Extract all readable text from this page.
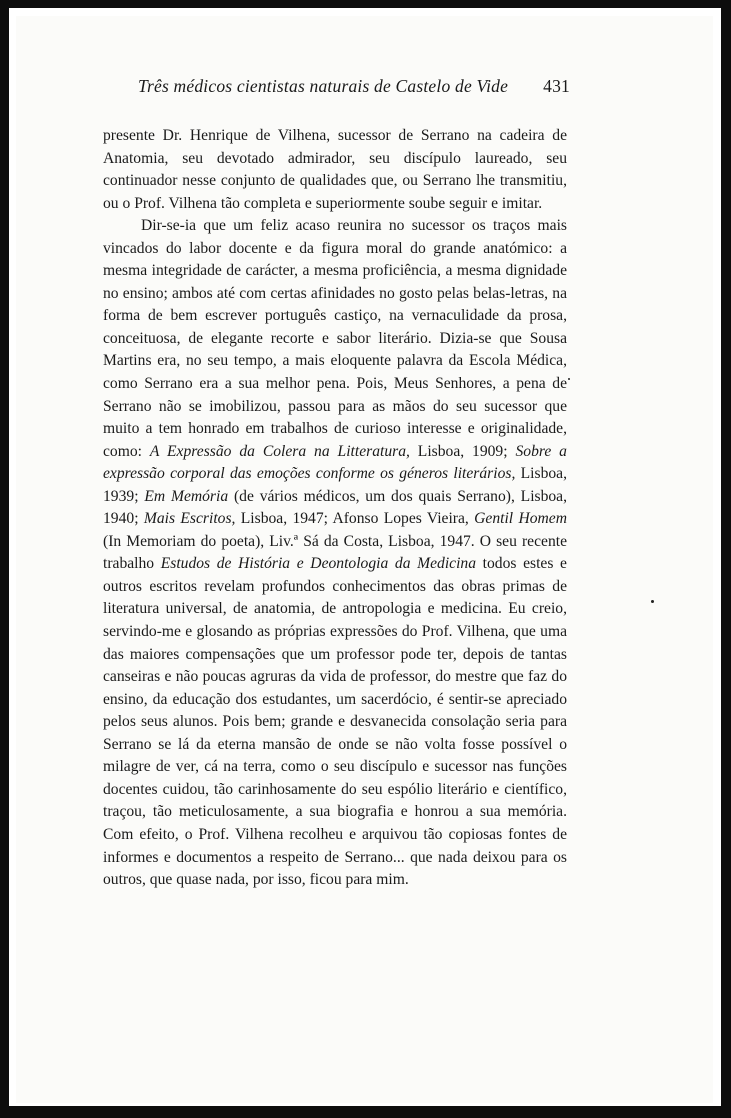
Três médicos cientistas naturais de Castelo de Vide 431

presente Dr. Henrique de Vilhena, sucessor de Serrano na cadeira de Anatomia, seu devotado admirador, seu discípulo laureado, seu continuador nesse conjunto de qualidades que, ou Serrano lhe transmitiu, ou o Prof. Vilhena tão completa e superiormente soube seguir e imitar.

Dir-se-ia que um feliz acaso reunira no sucessor os traços mais vincados do labor docente e da figura moral do grande anatómico: a mesma integridade de carácter, a mesma proficiência, a mesma dignidade no ensino; ambos até com certas afinidades no gosto pelas belas-letras, na forma de bem escrever português castiço, na vernaculidade da prosa, conceituosa, de elegante recorte e sabor literário. Dizia-se que Sousa Martins era, no seu tempo, a mais eloquente palavra da Escola Médica, como Serrano era a sua melhor pena. Pois, Meus Senhores, a pena de Serrano não se imobilizou, passou para as mãos do seu sucessor que muito a tem honrado em trabalhos de curioso interesse e originalidade, como: A Expressão da Colera na Litteratura, Lisboa, 1909; Sobre a expressão corporal das emoções conforme os géneros literários, Lisboa, 1939; Em Memória (de vários médicos, um dos quais Serrano), Lisboa, 1940; Mais Escritos, Lisboa, 1947; Afonso Lopes Vieira, Gentil Homem (In Memoriam do poeta), Liv.ª Sá da Costa, Lisboa, 1947. O seu recente trabalho Estudos de História e Deontologia da Medicina todos estes e outros escritos revelam profundos conhecimentos das obras primas de literatura universal, de anatomia, de antropologia e medicina. Eu creio, servindo-me e glosando as próprias expressões do Prof. Vilhena, que uma das maiores compensações que um professor pode ter, depois de tantas canseiras e não poucas agruras da vida de professor, do mestre que faz do ensino, da educação dos estudantes, um sacerdócio, é sentir-se apreciado pelos seus alunos. Pois bem; grande e desvanecida consolação seria para Serrano se lá da eterna mansão de onde se não volta fosse possível o milagre de ver, cá na terra, como o seu discípulo e sucessor nas funções docentes cuidou, tão carinhosamente do seu espólio literário e científico, traçou, tão meticulosamente, a sua biografia e honrou a sua memória. Com efeito, o Prof. Vilhena recolheu e arquivou tão copiosas fontes de informes e documentos a respeito de Serrano... que nada deixou para os outros, que quase nada, por isso, ficou para mim.
